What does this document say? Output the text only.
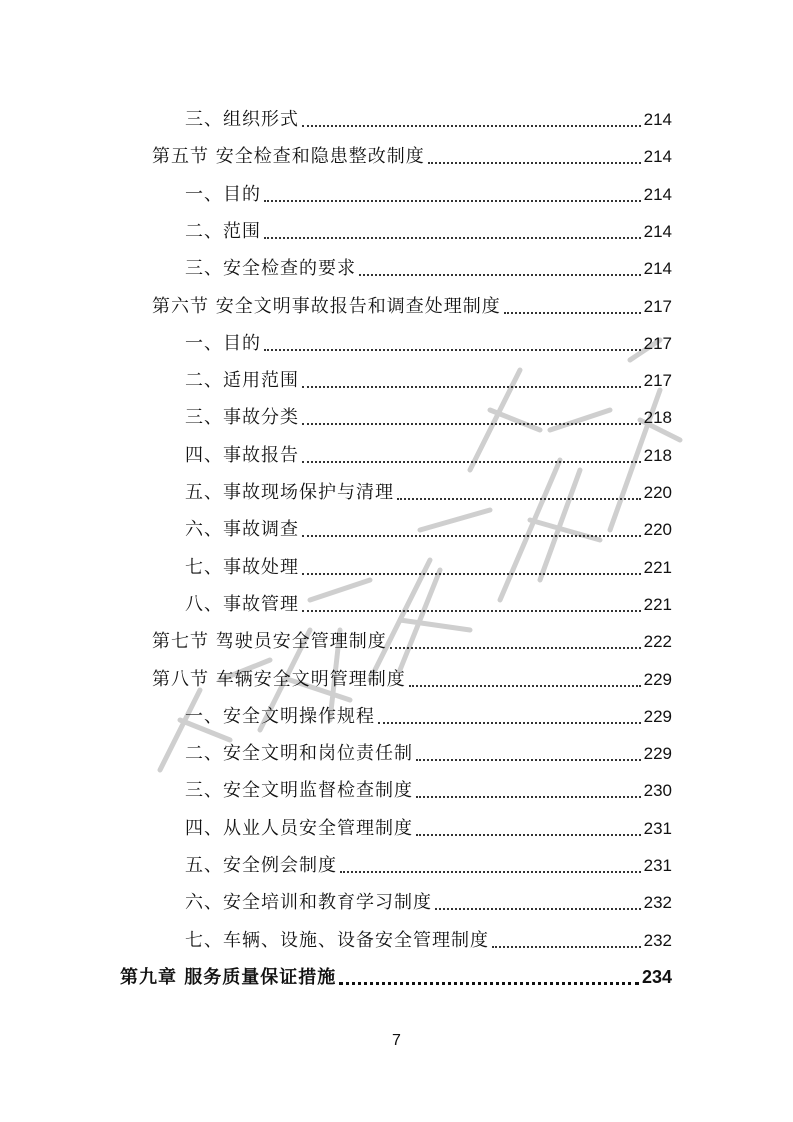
三、组织形式	214
第五节 安全检查和隐患整改制度	214
一、目的	214
二、范围	214
三、安全检查的要求	214
第六节 安全文明事故报告和调查处理制度	217
一、目的	217
二、适用范围	217
三、事故分类	218
四、事故报告	218
五、事故现场保护与清理	220
六、事故调查	220
七、事故处理	221
八、事故管理	221
第七节 驾驶员安全管理制度	222
第八节 车辆安全文明管理制度	229
一、安全文明操作规程	229
二、安全文明和岗位责任制	229
三、安全文明监督检查制度	230
四、从业人员安全管理制度	231
五、安全例会制度	231
六、安全培训和教育学习制度	232
七、车辆、设施、设备安全管理制度	232
第九章 服务质量保证措施	234
7
